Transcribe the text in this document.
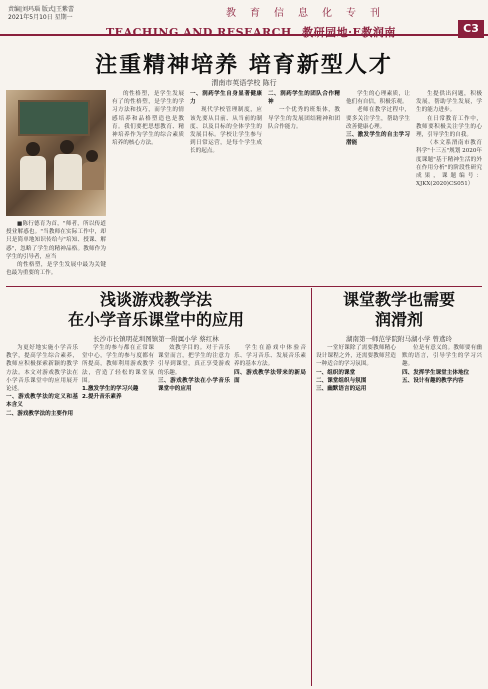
责编|刘玛瑙 版式|王紫蕾
2021年5月10日 星期一	教育信息化专刊
TEACHING AND RESEARCH 教研园地·E教润南	C3
注重精神培养 培育新型人才
渭南市英语学校 陈行

■陈行德育为首，"师者，所以传道授业解惑也。"当教师在实际工作中，却只是简单地知识传给与"培知、授课、解惑"，忽略了学生的精神品格。教师作为学生的引导者，应当

的性格塑，是学生发展中最为关键也最为重要的工作。

的性格塑，是学生发展有了的性格塑，是学生的学习方法和技巧，而学生的情感培养和品格塑造也是教育。我们要把思想教育、精神培养作为学生的综合素质培养的核心方法。

一、润药学生自身显著健康力

现代学校管理制度，应该先要从目前、从当前的制度、以及目标的全体学生的发展目标。学校让学生参与到日常运营，是每个学生成长的起点。

二、润药学生的团队合作精神

一个优秀的班集体，教导学生的发展团结精神和团队合作能力。

学生的心理素质，让他们有自信，积极乐观。

老师在教学过程中，要多关注学生，帮助学生改善健康心理。

三、激发学生的自主学习潜能

生提供出问题，积极发展，帮助学生发展，学生的能力进步。

在日常教育工作中，教师要积极关注学生的心理，引导学生的自我。

（本文系渭南市教育科学"十三五"规划 2020年度课题"基于精神生活的外在作用分析"的阶段性研究成果，课题编号：XJKX(2020)CS051）

浅谈游戏教学法
在小学音乐课堂中的应用
长沙市长镇明花圳图镇第一附属小学 蔡红林

为更好地实施小学音乐教学，提高学生综合素养，教师应积极探索新颖的教学方法。本文对游戏教学法在小学音乐课堂中的应用展开论述。

一、游戏教学法的定义和基本含义

二、游戏教学法的主要作用

学生的参与都在正常课堂中心，学生的参与度都有所提高，教师利用游戏教学法，营造了轻松的课堂氛围。

1.激发学生的学习兴趣

2.提升音乐素养

效教学目的。对于音乐课堂而言，把学生的注意力引导到课堂，真正享受游戏的乐趣。

三、游戏教学法在小学音乐课堂中的应用

学生在游戏中体验音乐、学习音乐、发展音乐素养的基本方法。

四、游戏教学法带来的新局面

课堂教学也需要
润滑剂
湖南第一师范学院附马湖小学 曾鳶玲

一堂好课除了需要教师精心设计课程之外，还需要教师营造一种适合的学习氛围。

一、组织的课堂

二、课堂组织与氛围

三、幽默语言的运用

位是有意义的。教师要有幽默的语言，引导学生的学习兴趣。

四、发挥学生课堂主体地位

五、设计有趣的教学内容
